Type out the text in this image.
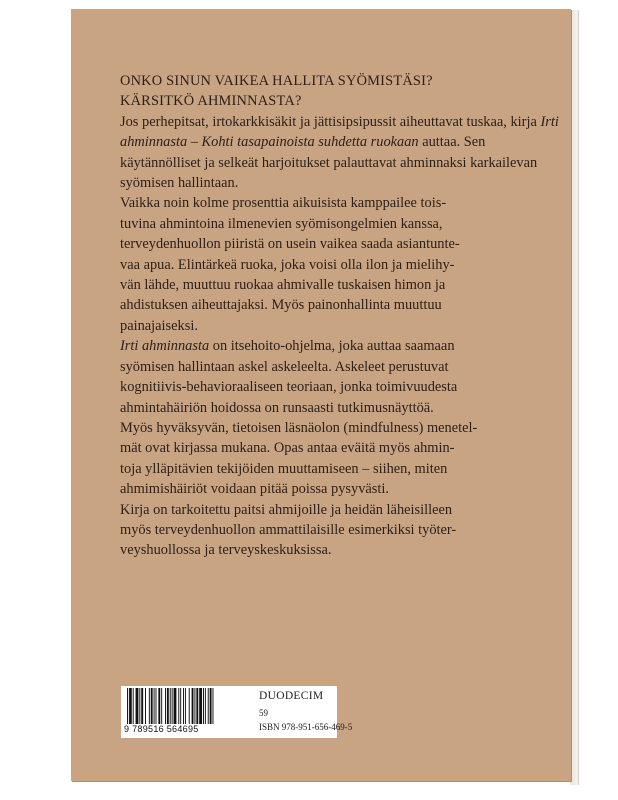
ONKO SINUN VAIKEA HALLITA SYÖMISTÄSI?

KÄRSITKÖ AHMINNASTA?

Jos perhepitsat, irtokarkkisäkit ja jättisipsipussit aiheuttavat tuskaa, kirja Irti ahminnasta – Kohti tasapainoista suhdetta ruokaan auttaa. Sen käytännölliset ja selkeät harjoitukset palauttavat ahminnaksi karkailevan syömisen hallintaan.

Vaikka noin kolme prosenttia aikuisista kamppailee tois-
tuvina ahmintoina ilmenevien syömisongelmien kanssa,
terveydenhuollon piiristä on usein vaikea saada asiantunte-
vaa apua. Elintärkeä ruoka, joka voisi olla ilon ja mielihy-
vän lähde, muuttuu ruokaa ahmivalle tuskaisen himon ja
ahdistuksen aiheuttajaksi. Myös painonhallinta muuttuu
painajaiseksi.

Irti ahminnasta on itsehoito-ohjelma, joka auttaa saamaan
syömisen hallintaan askel askeleelta. Askeleet perustuvat
kognitiivis-behavioraaliseen teoriaan, jonka toimivuudesta
ahmintahäiriön hoidossa on runsaasti tutkimusnäyttöä.
Myös hyväksyvän, tietoisen läsnäolon (mindfulness) menetel-
mät ovat kirjassa mukana. Opas antaa eväitä myös ahmin-
toja ylläpitävien tekijöiden muuttamiseen – siihen, miten
ahmimishäiriöt voidaan pitää poissa pysyvästi.

Kirja on tarkoitettu paitsi ahmijoille ja heidän läheisilleen
myös terveydenhuollon ammattilaisille esimerkiksi työter-
veyshuollossa ja terveyskeskuksissa.

9 789516 564695
DUODECIM
59
ISBN 978-951-656-469-5
